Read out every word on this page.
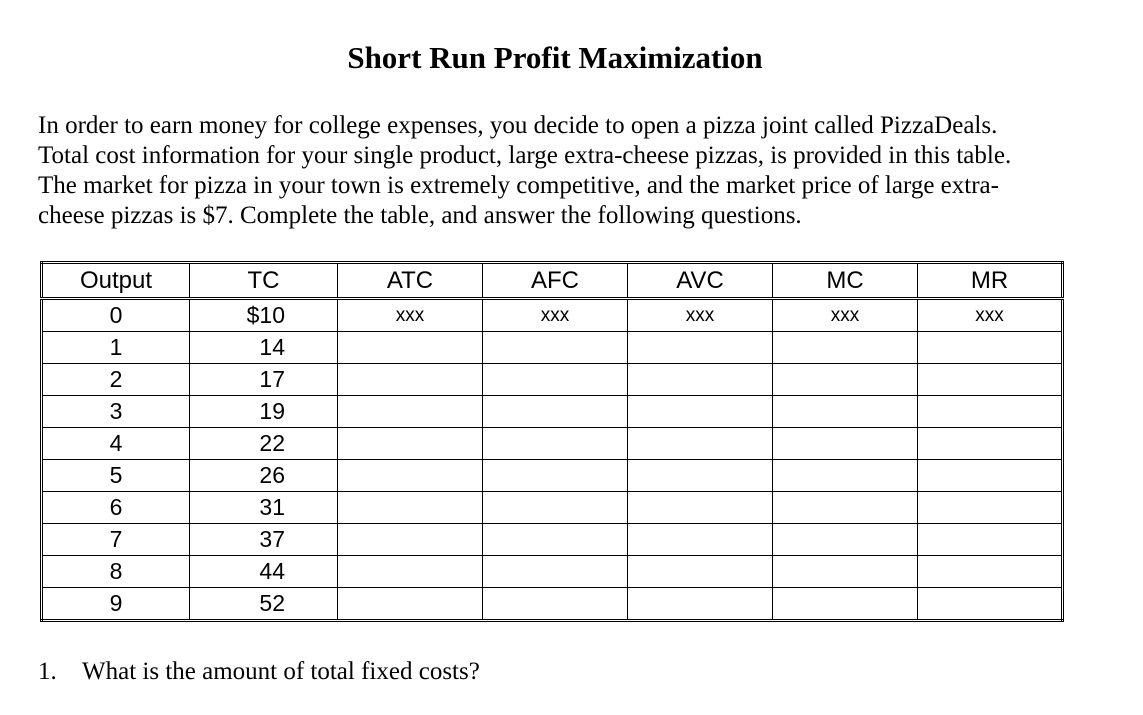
Short Run Profit Maximization

In order to earn money for college expenses, you decide to open a pizza joint called PizzaDeals.
Total cost information for your single product, large extra-cheese pizzas, is provided in this table.
The market for pizza in your town is extremely competitive, and the market price of large extra-
cheese pizzas is $7. Complete the table, and answer the following questions.

Output	TC	ATC	AFC	AVC	MC	MR
0	$10	xxx	xxx	xxx	xxx	xxx
1	14					
2	17					
3	19					
4	22					
5	26					
6	31					
7	37					
8	44					
9	52					

1. What is the amount of total fixed costs?
